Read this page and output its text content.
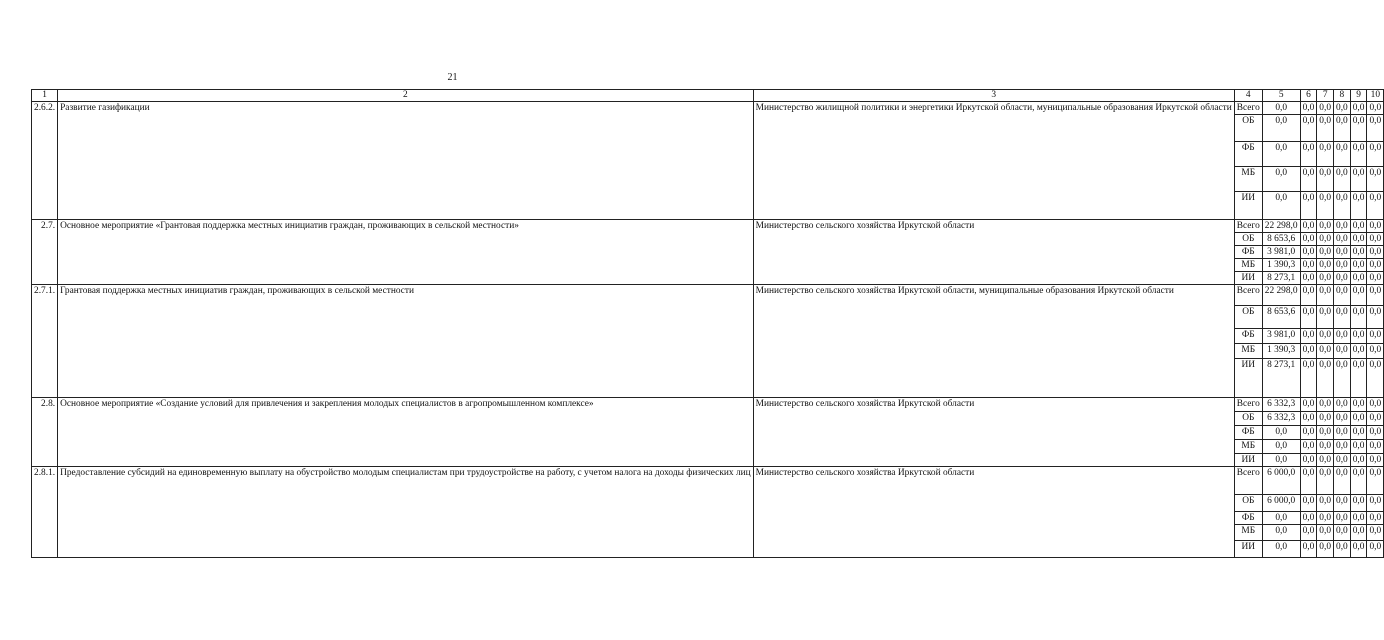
21
1	2	3	4	5	6	7	8	9	10
2.6.2.	Развитие газификации	Министерство жилищной политики и энергетики Иркутской области, муниципальные образования Иркутской области	Всего	0,0	0,0	0,0	0,0	0,0	0,0
			ОБ	0,0	0,0	0,0	0,0	0,0	0,0
			ФБ	0,0	0,0	0,0	0,0	0,0	0,0
			МБ	0,0	0,0	0,0	0,0	0,0	0,0
			ИИ	0,0	0,0	0,0	0,0	0,0	0,0
2.7.	Основное мероприятие «Грантовая поддержка местных инициатив граждан, проживающих в сельской местности»	Министерство сельского хозяйства Иркутской области	Всего	22 298,0	0,0	0,0	0,0	0,0	0,0
			ОБ	8 653,6	0,0	0,0	0,0	0,0	0,0
			ФБ	3 981,0	0,0	0,0	0,0	0,0	0,0
			МБ	1 390,3	0,0	0,0	0,0	0,0	0,0
			ИИ	8 273,1	0,0	0,0	0,0	0,0	0,0
2.7.1.	Грантовая поддержка местных инициатив граждан, проживающих в сельской местности	Министерство сельского хозяйства Иркутской области, муниципальные образования Иркутской области	Всего	22 298,0	0,0	0,0	0,0	0,0	0,0
			ОБ	8 653,6	0,0	0,0	0,0	0,0	0,0
			ФБ	3 981,0	0,0	0,0	0,0	0,0	0,0
			МБ	1 390,3	0,0	0,0	0,0	0,0	0,0
			ИИ	8 273,1	0,0	0,0	0,0	0,0	0,0
2.8.	Основное мероприятие «Создание условий для привлечения и закрепления молодых специалистов в агропромышленном комплексе»	Министерство сельского хозяйства Иркутской области	Всего	6 332,3	0,0	0,0	0,0	0,0	0,0
			ОБ	6 332,3	0,0	0,0	0,0	0,0	0,0
			ФБ	0,0	0,0	0,0	0,0	0,0	0,0
			МБ	0,0	0,0	0,0	0,0	0,0	0,0
			ИИ	0,0	0,0	0,0	0,0	0,0	0,0
2.8.1.	Предоставление субсидий на единовременную выплату на обустройство молодым специалистам при трудоустройстве на работу, с учетом налога на доходы физических лиц	Министерство сельского хозяйства Иркутской области	Всего	6 000,0	0,0	0,0	0,0	0,0	0,0
			ОБ	6 000,0	0,0	0,0	0,0	0,0	0,0
			ФБ	0,0	0,0	0,0	0,0	0,0	0,0
			МБ	0,0	0,0	0,0	0,0	0,0	0,0
			ИИ	0,0	0,0	0,0	0,0	0,0	0,0
